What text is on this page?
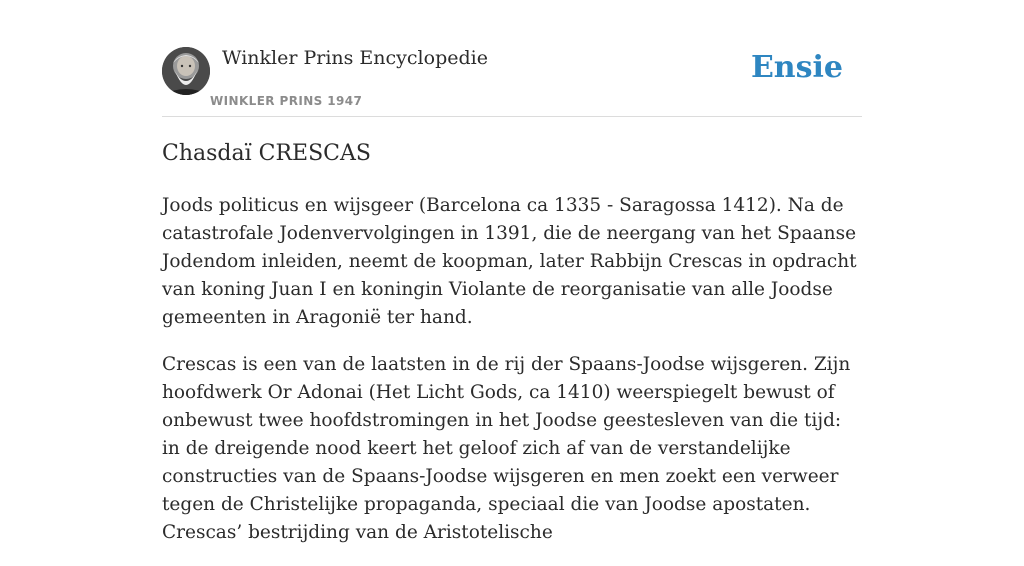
Winkler Prins Encyclopedie
WINKLER PRINS 1947
Ensie
Chasdaï CRESCAS

Joods politicus en wijsgeer (Barcelona ca 1335 - Saragossa 1412). Na de catastrofale Jodenvervolgingen in 1391, die de neergang van het Spaanse Jodendom inleiden, neemt de koopman, later Rabbijn Crescas in opdracht van koning Juan I en koningin Violante de reorganisatie van alle Joodse gemeenten in Aragonië ter hand.

Crescas is een van de laatsten in de rij der Spaans-Joodse wijsgeren. Zijn hoofdwerk Or Adonai (Het Licht Gods, ca 1410) weerspiegelt bewust of onbewust twee hoofdstromingen in het Joodse geestesleven van die tijd: in de dreigende nood keert het geloof zich af van de verstandelijke constructies van de Spaans-Joodse wijsgeren en men zoekt een verweer tegen de Christelijke propaganda, speciaal die van Joodse apostaten. Crescas’ bestrijding van de Aristotelische
